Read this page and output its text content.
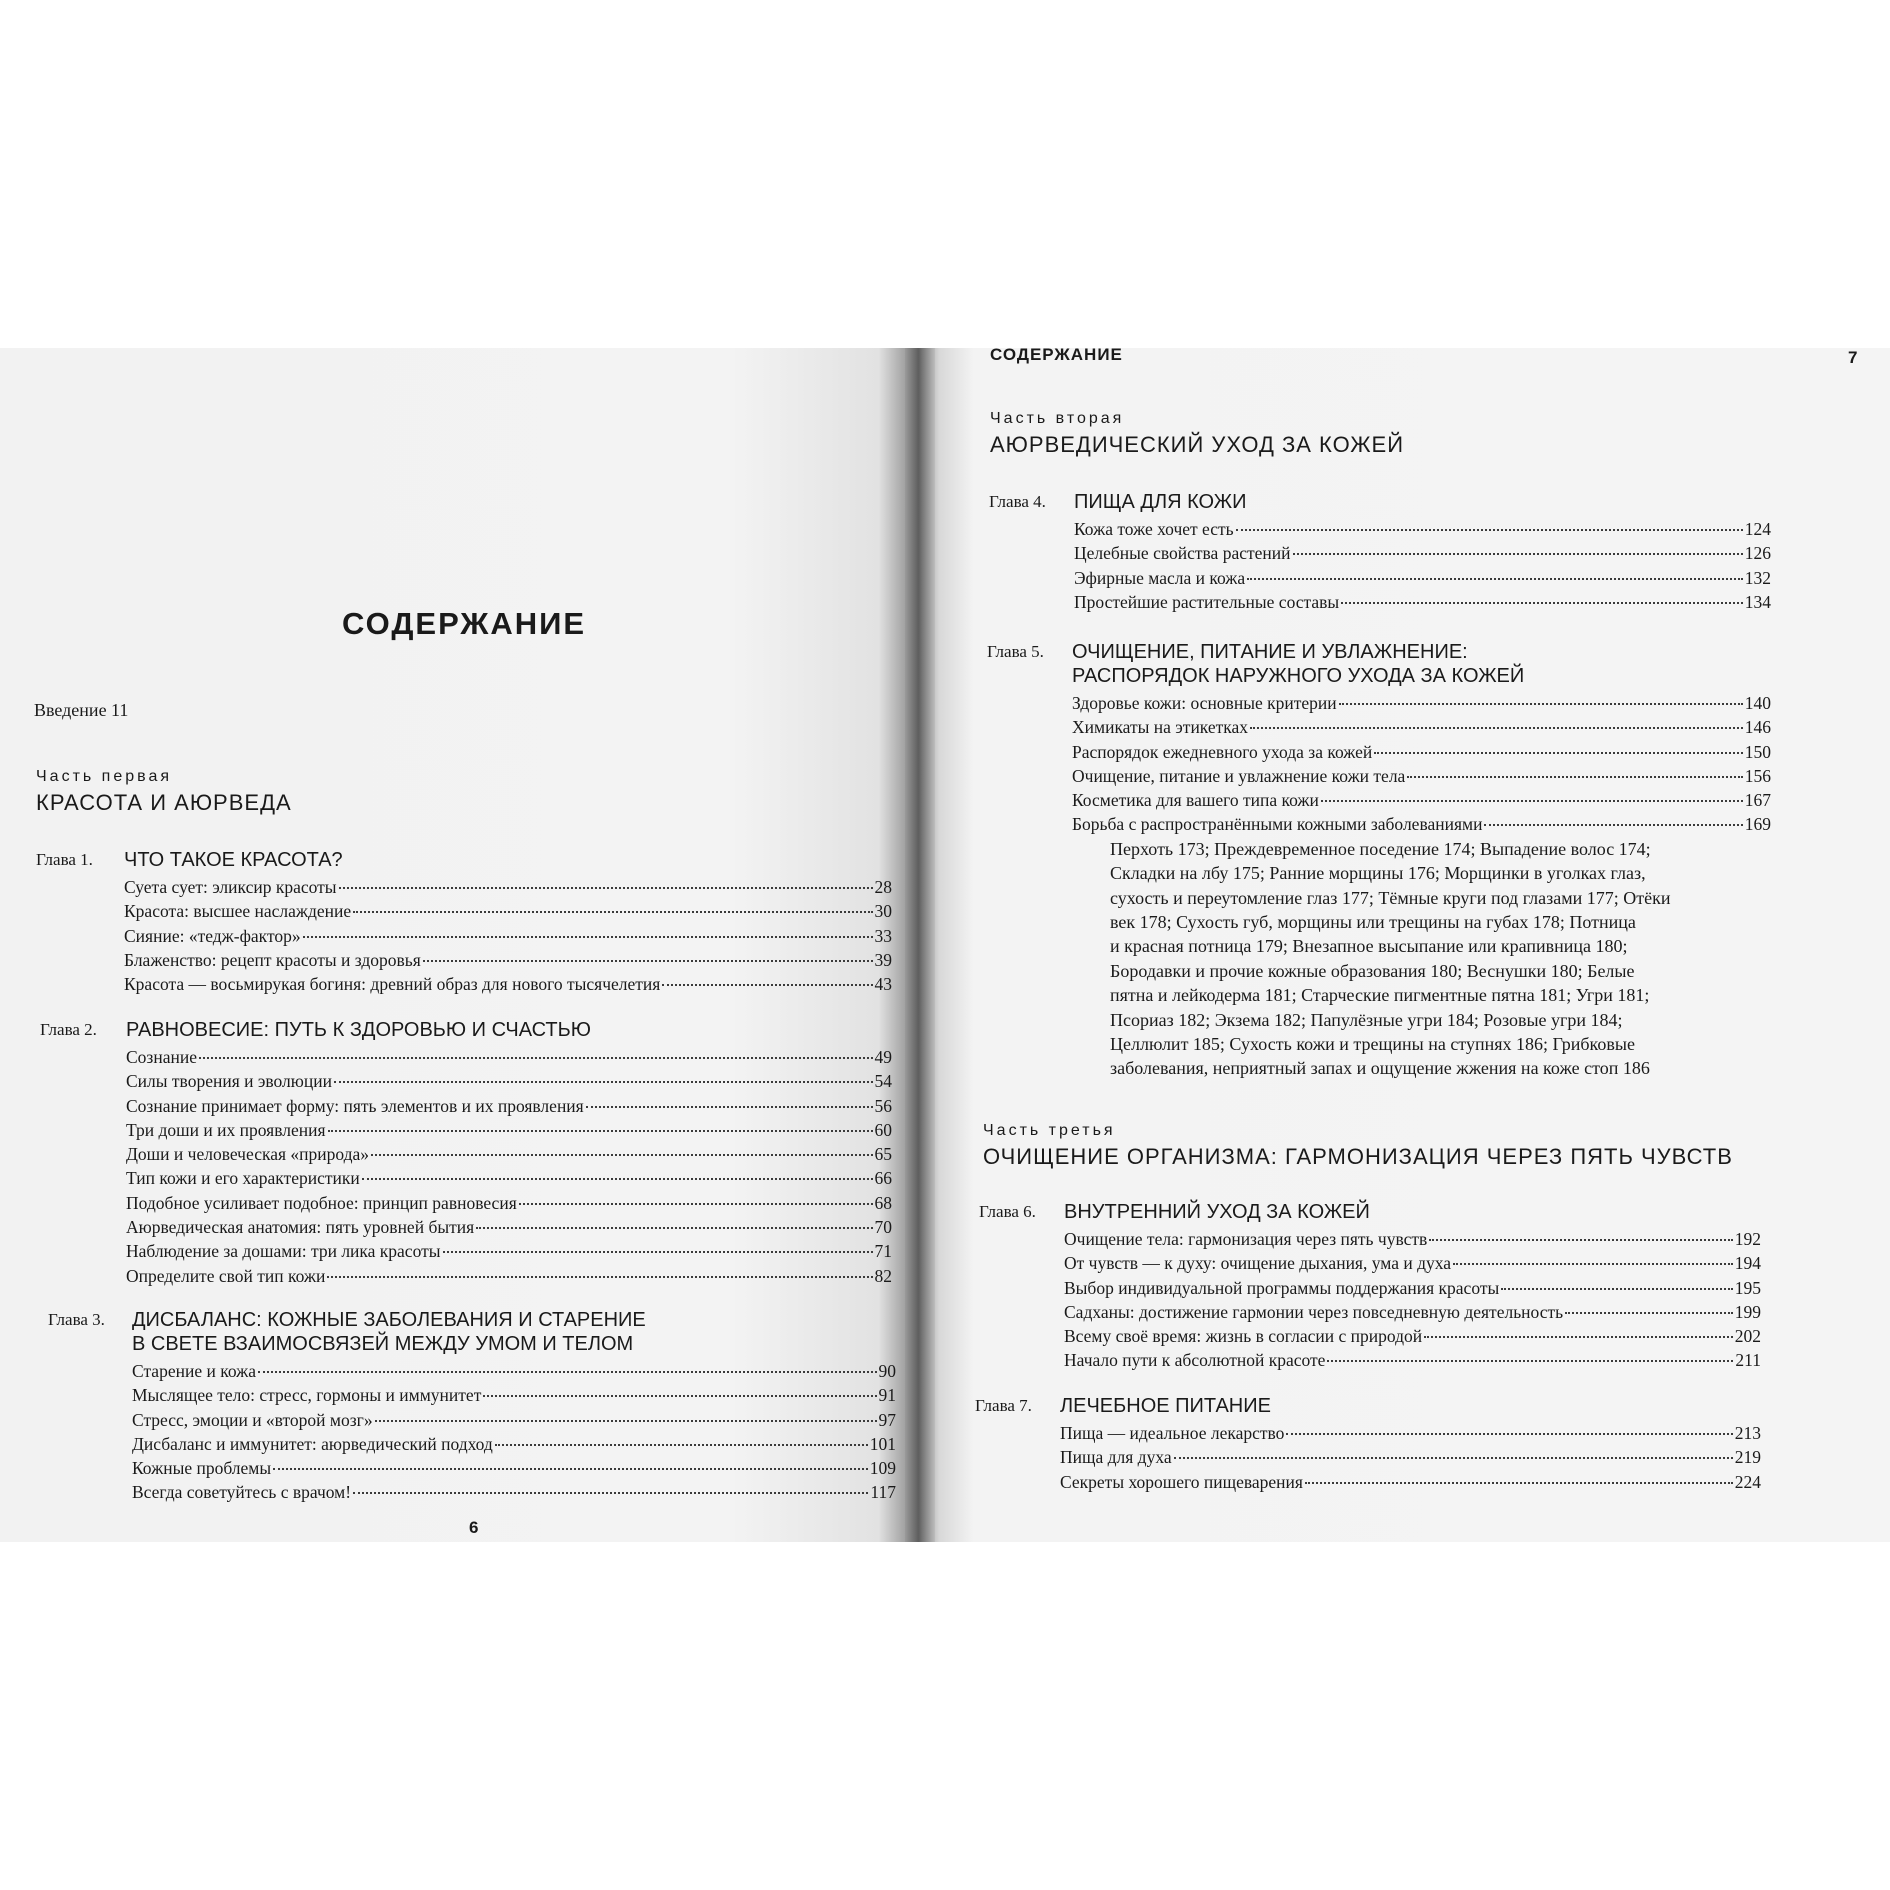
СОДЕРЖАНИЕ
Введение 11
Часть первая
КРАСОТА И АЮРВЕДА
Глава 1. ЧТО ТАКОЕ КРАСОТА?
Суета сует: эликсир красоты	28
Красота: высшее наслаждение	30
Сияние: «тедж-фактор»	33
Блаженство: рецепт красоты и здоровья	39
Красота — восьмирукая богиня: древний образ для нового тысячелетия	43
Глава 2. РАВНОВЕСИЕ: ПУТЬ К ЗДОРОВЬЮ И СЧАСТЬЮ
Сознание	49
Силы творения и эволюции	54
Сознание принимает форму: пять элементов и их проявления	56
Три доши и их проявления	60
Доши и человеческая «природа»	65
Тип кожи и его характеристики	66
Подобное усиливает подобное: принцип равновесия	68
Аюрведическая анатомия: пять уровней бытия	70
Наблюдение за дошами: три лика красоты	71
Определите свой тип кожи	82
Глава 3. ДИСБАЛАНС: КОЖНЫЕ ЗАБОЛЕВАНИЯ И СТАРЕНИЕ
В СВЕТЕ ВЗАИМОСВЯЗЕЙ МЕЖДУ УМОМ И ТЕЛОМ
Старение и кожа	90
Мыслящее тело: стресс, гормоны и иммунитет	91
Стресс, эмоции и «второй мозг»	97
Дисбаланс и иммунитет: аюрведический подход	101
Кожные проблемы	109
Всегда советуйтесь с врачом!	117
6
СОДЕРЖАНИЕ	7
Часть вторая
АЮРВЕДИЧЕСКИЙ УХОД ЗА КОЖЕЙ
Глава 4. ПИЩА ДЛЯ КОЖИ
Кожа тоже хочет есть	124
Целебные свойства растений	126
Эфирные масла и кожа	132
Простейшие растительные составы	134
Глава 5. ОЧИЩЕНИЕ, ПИТАНИЕ И УВЛАЖНЕНИЕ:
РАСПОРЯДОК НАРУЖНОГО УХОДА ЗА КОЖЕЙ
Здоровье кожи: основные критерии	140
Химикаты на этикетках	146
Распорядок ежедневного ухода за кожей	150
Очищение, питание и увлажнение кожи тела	156
Косметика для вашего типа кожи	167
Борьба с распространёнными кожными заболеваниями	169
Перхоть 173; Преждевременное поседение 174; Выпадение волос 174;
Складки на лбу 175; Ранние морщины 176; Морщинки в уголках глаз,
сухость и переутомление глаз 177; Тёмные круги под глазами 177; Отёки
век 178; Сухость губ, морщины или трещины на губах 178; Потница
и красная потница 179; Внезапное высыпание или крапивница 180;
Бородавки и прочие кожные образования 180; Веснушки 180; Белые
пятна и лейкодерма 181; Старческие пигментные пятна 181; Угри 181;
Псориаз 182; Экзема 182; Папулёзные угри 184; Розовые угри 184;
Целлюлит 185; Сухость кожи и трещины на ступнях 186; Грибковые
заболевания, неприятный запах и ощущение жжения на коже стоп 186
Часть третья
ОЧИЩЕНИЕ ОРГАНИЗМА: ГАРМОНИЗАЦИЯ ЧЕРЕЗ ПЯТЬ ЧУВСТВ
Глава 6. ВНУТРЕННИЙ УХОД ЗА КОЖЕЙ
Очищение тела: гармонизация через пять чувств	192
От чувств — к духу: очищение дыхания, ума и духа	194
Выбор индивидуальной программы поддержания красоты	195
Садханы: достижение гармонии через повседневную деятельность	199
Всему своё время: жизнь в согласии с природой	202
Начало пути к абсолютной красоте	211
Глава 7. ЛЕЧЕБНОЕ ПИТАНИЕ
Пища — идеальное лекарство	213
Пища для духа	219
Секреты хорошего пищеварения	224
